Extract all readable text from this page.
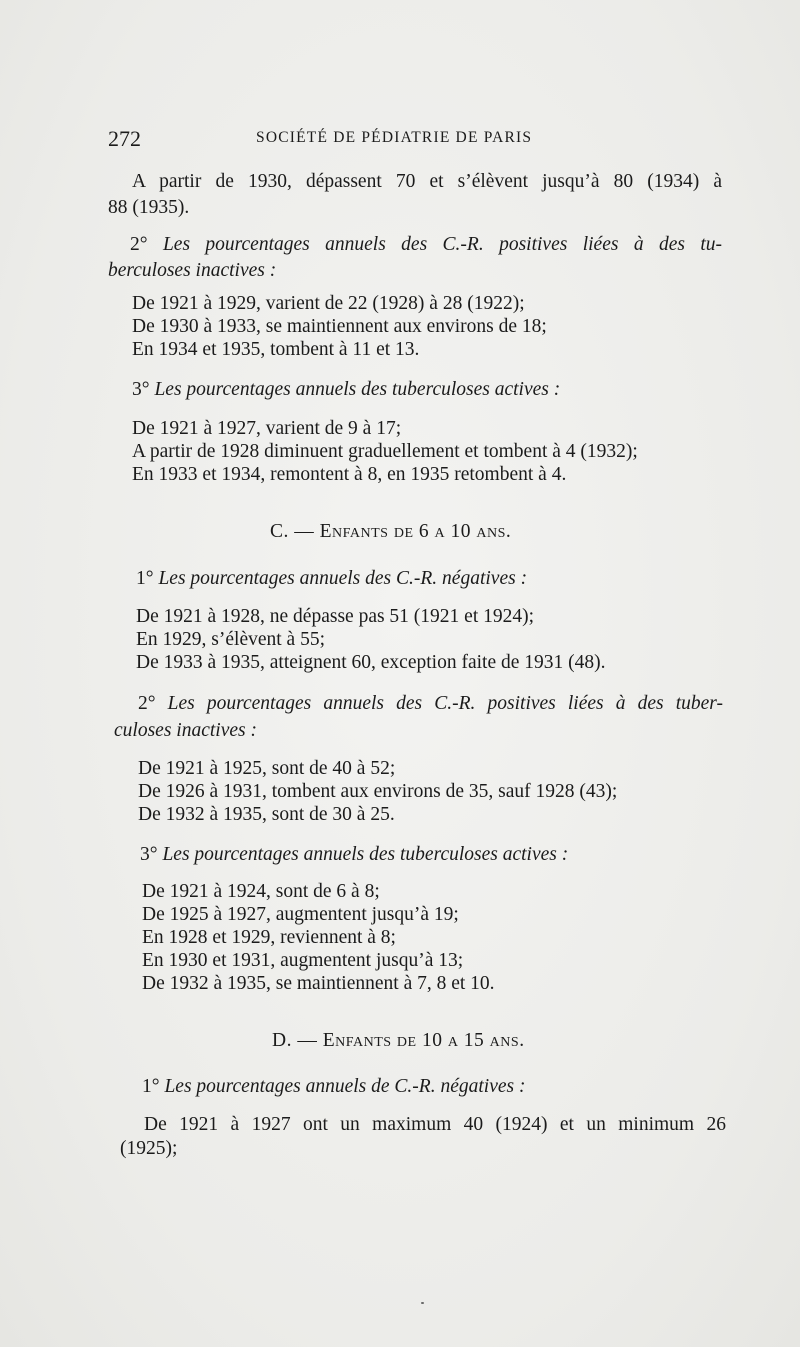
272	SOCIÉTÉ DE PÉDIATRIE DE PARIS
A partir de 1930, dépassent 70 et s’élèvent jusqu’à 80 (1934) à
88 (1935).
2° Les pourcentages annuels des C.-R. positives liées à des tu-
berculoses inactives :
De 1921 à 1929, varient de 22 (1928) à 28 (1922);
De 1930 à 1933, se maintiennent aux environs de 18;
En 1934 et 1935, tombent à 11 et 13.
3° Les pourcentages annuels des tuberculoses actives :
De 1921 à 1927, varient de 9 à 17;
A partir de 1928 diminuent graduellement et tombent à 4 (1932);
En 1933 et 1934, remontent à 8, en 1935 retombent à 4.
C. — Enfants de 6 a 10 ans.
1° Les pourcentages annuels des C.-R. négatives :
De 1921 à 1928, ne dépasse pas 51 (1921 et 1924);
En 1929, s’élèvent à 55;
De 1933 à 1935, atteignent 60, exception faite de 1931 (48).
2° Les pourcentages annuels des C.-R. positives liées à des tuber-
culoses inactives :
De 1921 à 1925, sont de 40 à 52;
De 1926 à 1931, tombent aux environs de 35, sauf 1928 (43);
De 1932 à 1935, sont de 30 à 25.
3° Les pourcentages annuels des tuberculoses actives :
De 1921 à 1924, sont de 6 à 8;
De 1925 à 1927, augmentent jusqu’à 19;
En 1928 et 1929, reviennent à 8;
En 1930 et 1931, augmentent jusqu’à 13;
De 1932 à 1935, se maintiennent à 7, 8 et 10.
D. — Enfants de 10 a 15 ans.
1° Les pourcentages annuels de C.-R. négatives :
De 1921 à 1927 ont un maximum 40 (1924) et un minimum 26
(1925);
